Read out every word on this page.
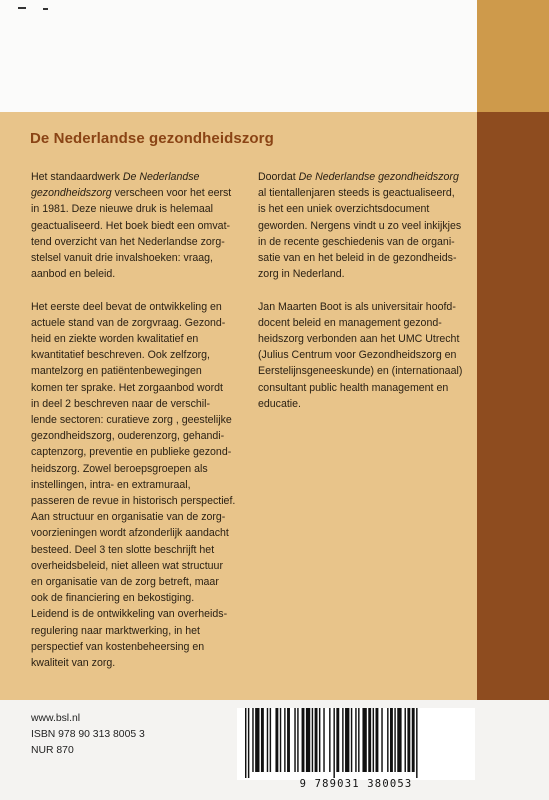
De Nederlandse gezondheidszorg

Het standaardwerk De Nederlandse
gezondheidszorg verscheen voor het eerst
in 1981. Deze nieuwe druk is helemaal
geactualiseerd. Het boek biedt een omvat-
tend overzicht van het Nederlandse zorg-
stelsel vanuit drie invalshoeken: vraag,
aanbod en beleid.

Het eerste deel bevat de ontwikkeling en
actuele stand van de zorgvraag. Gezond-
heid en ziekte worden kwalitatief en
kwantitatief beschreven. Ook zelfzorg,
mantelzorg en patiëntenbewegingen
komen ter sprake. Het zorgaanbod wordt
in deel 2 beschreven naar de verschil-
lende sectoren: curatieve zorg , geestelijke
gezondheidszorg, ouderenzorg, gehandi-
captenzorg, preventie en publieke gezond-
heidszorg. Zowel beroepsgroepen als
instellingen, intra- en extramuraal,
passeren de revue in historisch perspectief.
Aan structuur en organisatie van de zorg-
voorzieningen wordt afzonderlijk aandacht
besteed. Deel 3 ten slotte beschrijft het
overheidsbeleid, niet alleen wat structuur
en organisatie van de zorg betreft, maar
ook de financiering en bekostiging.
Leidend is de ontwikkeling van overheids-
regulering naar marktwerking, in het
perspectief van kostenbeheersing en
kwaliteit van zorg.

Doordat De Nederlandse gezondheidszorg
al tientallenjaren steeds is geactualiseerd,
is het een uniek overzichtsdocument
geworden. Nergens vindt u zo veel inkijkjes
in de recente geschiedenis van de organi-
satie van en het beleid in de gezondheids-
zorg in Nederland.

Jan Maarten Boot is als universitair hoofd-
docent beleid en management gezond-
heidszorg verbonden aan het UMC Utrecht
(Julius Centrum voor Gezondheidszorg en
Eerstelijnsgeneeskunde) en (internationaal)
consultant public health management en
educatie.

www.bsl.nl
ISBN 978 90 313 8005 3
NUR 870
9 789031 380053
